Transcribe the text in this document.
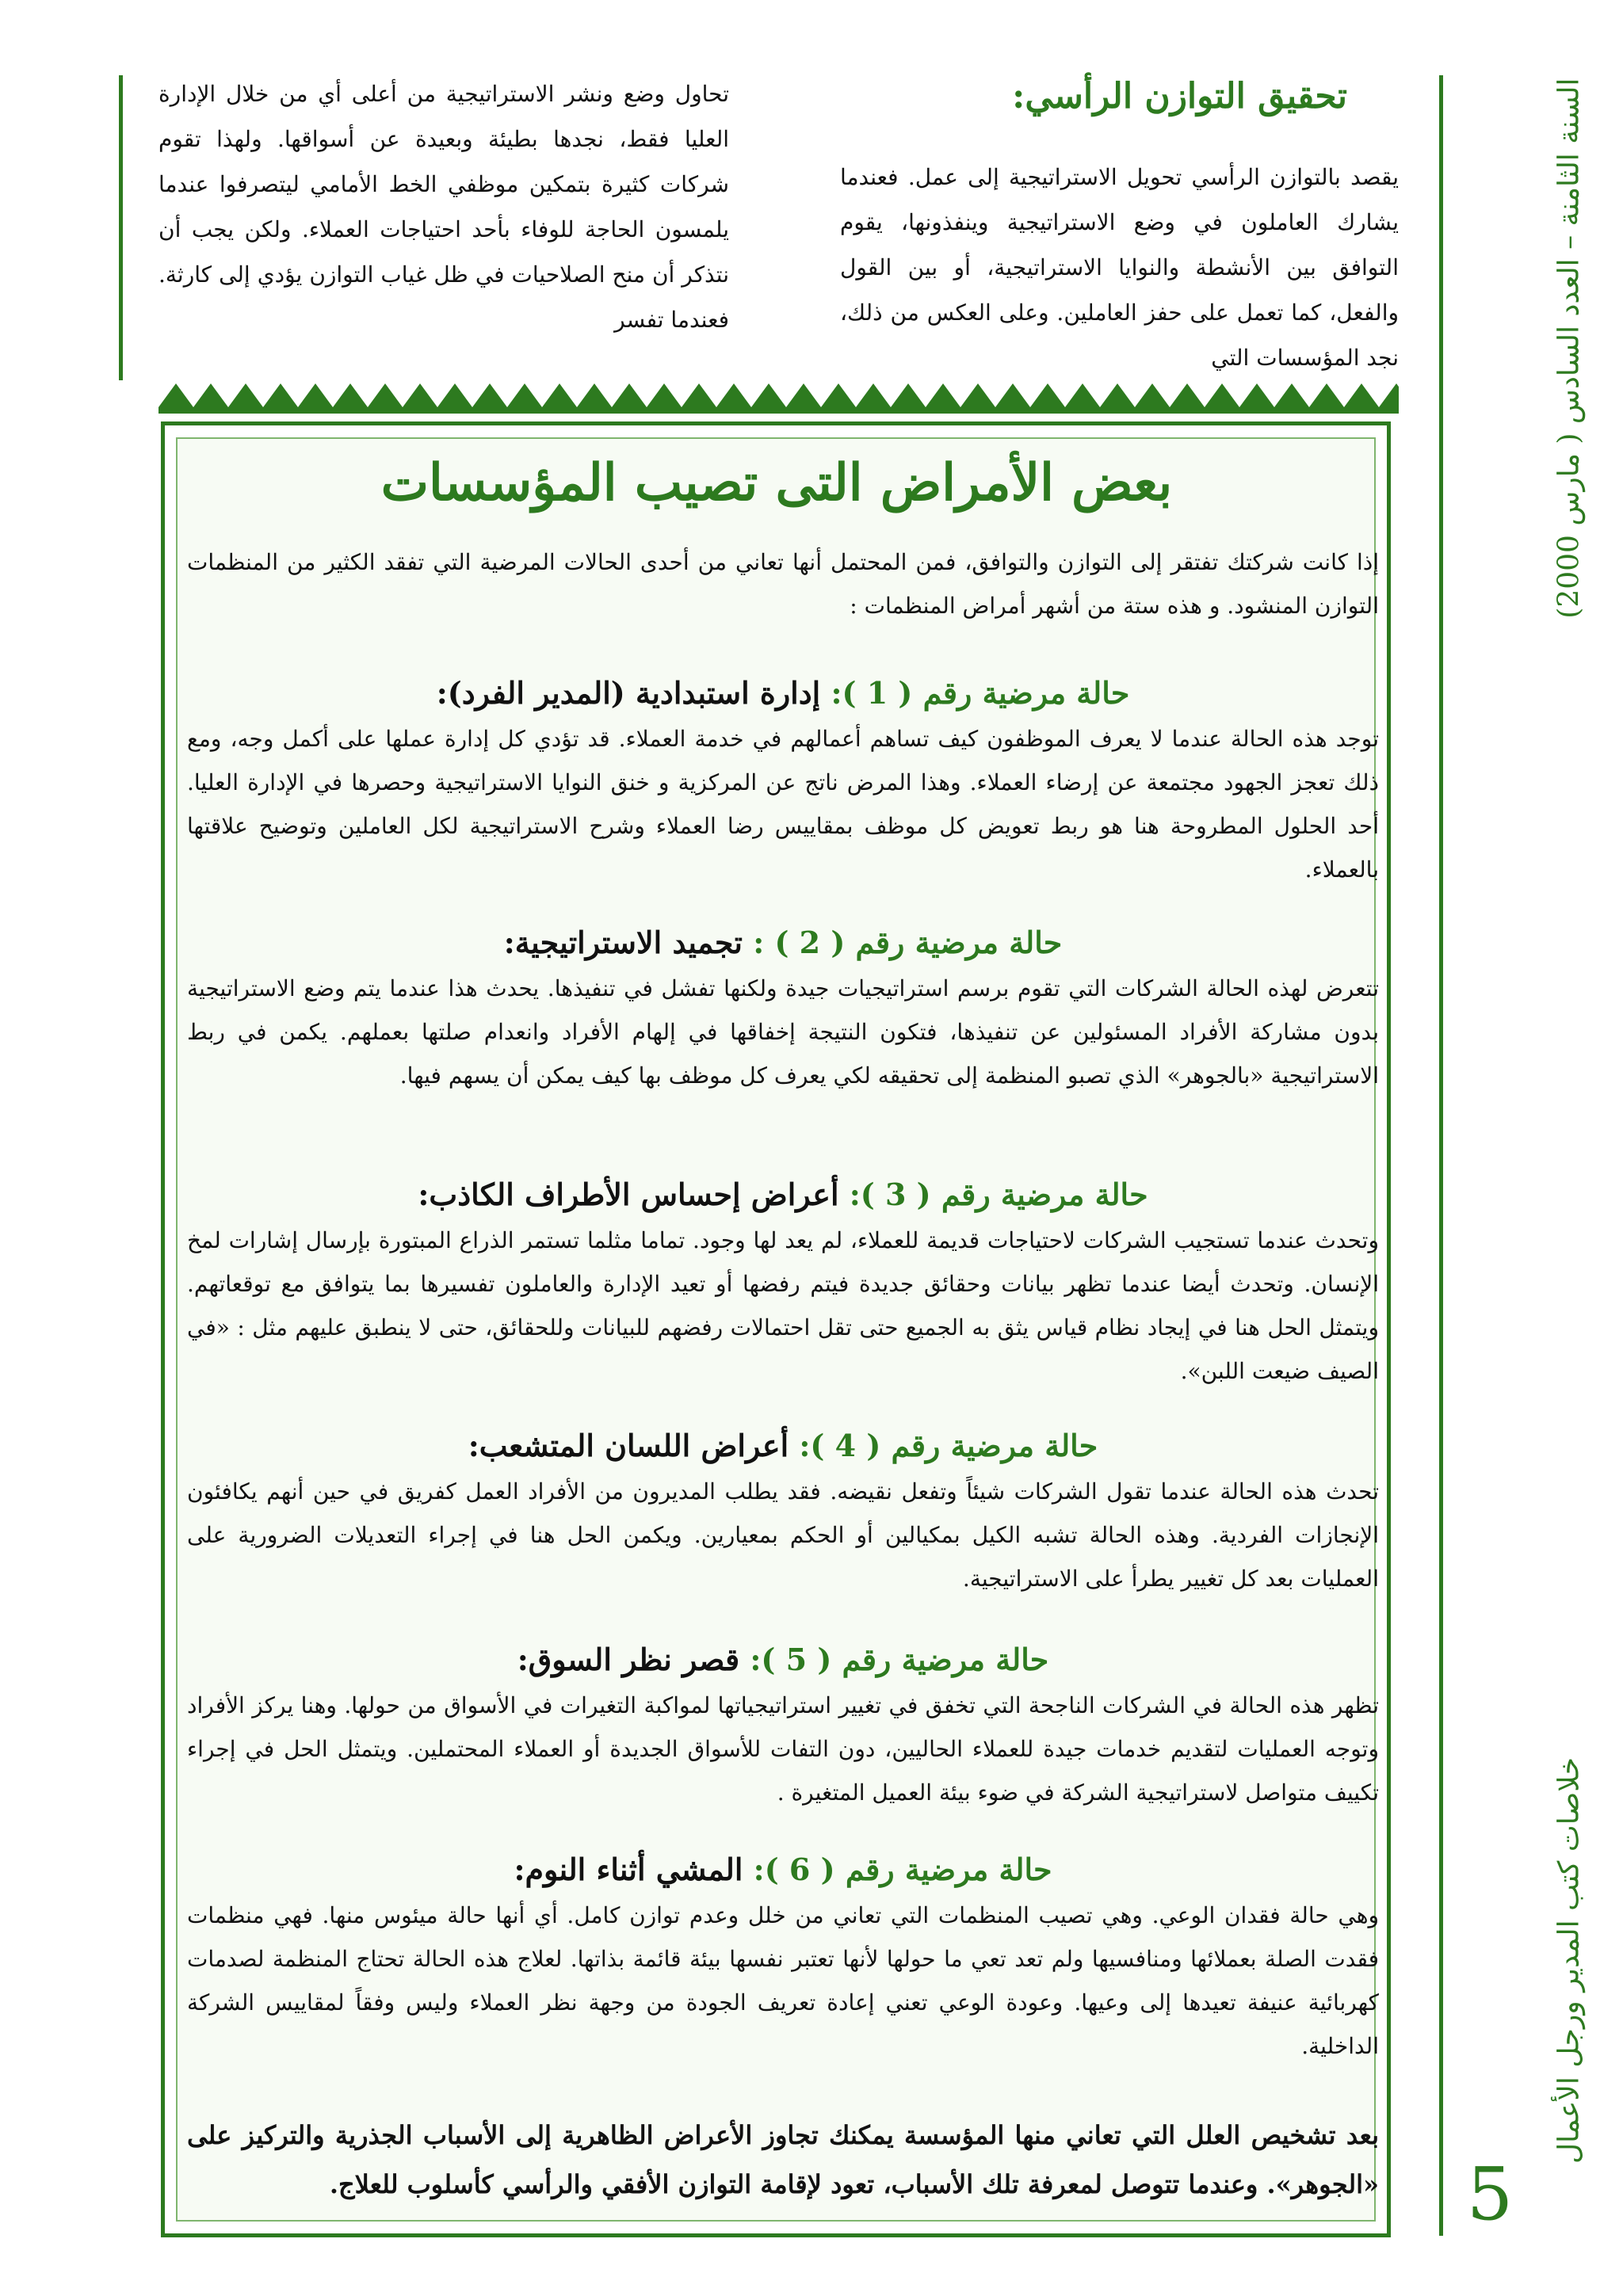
السنة الثامنة – العدد السادس ( مارس 2000)
خلاصات كتب المدير ورجل الأعمال
5
تحقيق التوازن الرأسي:
يقصد بالتوازن الرأسي تحويل الاستراتيجية إلى عمل. فعندما يشارك العاملون في وضع الاستراتيجية وينفذونها، يقوم التوافق بين الأنشطة والنوايا الاستراتيجية، أو بين القول والفعل، كما تعمل على حفز العاملين. وعلى العكس من ذلك، نجد المؤسسات التي
تحاول وضع ونشر الاستراتيجية من أعلى أي من خلال الإدارة العليا فقط، نجدها بطيئة وبعيدة عن أسواقها. ولهذا تقوم شركات كثيرة بتمكين موظفي الخط الأمامي ليتصرفوا عندما يلمسون الحاجة للوفاء بأحد احتياجات العملاء. ولكن يجب أن نتذكر أن منح الصلاحيات في ظل غياب التوازن يؤدي إلى كارثة. فعندما تفسر
بعض الأمراض التى تصيب المؤسسات

إذا كانت شركتك تفتقر إلى التوازن والتوافق، فمن المحتمل أنها تعاني من أحدى الحالات المرضية التي تفقد الكثير من المنظمات التوازن المنشود. و هذه ستة من أشهر أمراض المنظمات :

حالة مرضية رقم ( 1 ): إدارة استبدادية (المدير الفرد):

توجد هذه الحالة عندما لا يعرف الموظفون كيف تساهم أعمالهم في خدمة العملاء. قد تؤدي كل إدارة عملها على أكمل وجه، ومع ذلك تعجز الجهود مجتمعة عن إرضاء العملاء. وهذا المرض ناتج عن المركزية و خنق النوايا الاستراتيجية وحصرها في الإدارة العليا. أحد الحلول المطروحة هنا هو ربط تعويض كل موظف بمقاييس رضا العملاء وشرح الاستراتيجية لكل العاملين وتوضيح علاقتها بالعملاء.

حالة مرضية رقم ( 2 ) : تجميد الاستراتيجية:

تتعرض لهذه الحالة الشركات التي تقوم برسم استراتيجيات جيدة ولكنها تفشل في تنفيذها. يحدث هذا عندما يتم وضع الاستراتيجية بدون مشاركة الأفراد المسئولين عن تنفيذها، فتكون النتيجة إخفاقها في إلهام الأفراد وانعدام صلتها بعملهم. يكمن في ربط الاستراتيجية «بالجوهر» الذي تصبو المنظمة إلى تحقيقه لكي يعرف كل موظف بها كيف يمكن أن يسهم فيها.

حالة مرضية رقم ( 3 ): أعراض إحساس الأطراف الكاذب:

وتحدث عندما تستجيب الشركات لاحتياجات قديمة للعملاء، لم يعد لها وجود. تماما مثلما تستمر الذراع المبتورة بإرسال إشارات لمخ الإنسان. وتحدث أيضا عندما تظهر بيانات وحقائق جديدة فيتم رفضها أو تعيد الإدارة والعاملون تفسيرها بما يتوافق مع توقعاتهم. ويتمثل الحل هنا في إيجاد نظام قياس يثق به الجميع حتى تقل احتمالات رفضهم للبيانات وللحقائق، حتى لا ينطبق عليهم مثل : «في الصيف ضيعت اللبن».

حالة مرضية رقم ( 4 ): أعراض اللسان المتشعب:

تحدث هذه الحالة عندما تقول الشركات شيئاً وتفعل نقيضه. فقد يطلب المديرون من الأفراد العمل كفريق في حين أنهم يكافئون الإنجازات الفردية. وهذه الحالة تشبه الكيل بمكيالين أو الحكم بمعيارين. ويكمن الحل هنا في إجراء التعديلات الضرورية على العمليات بعد كل تغيير يطرأ على الاستراتيجية.

حالة مرضية رقم ( 5 ): قصر نظر السوق:

تظهر هذه الحالة في الشركات الناجحة التي تخفق في تغيير استراتيجياتها لمواكبة التغيرات في الأسواق من حولها. وهنا يركز الأفراد وتوجه العمليات لتقديم خدمات جيدة للعملاء الحاليين، دون التفات للأسواق الجديدة أو العملاء المحتملين. ويتمثل الحل في إجراء تكييف متواصل لاستراتيجية الشركة في ضوء بيئة العميل المتغيرة .

حالة مرضية رقم ( 6 ): المشي أثناء النوم:

وهي حالة فقدان الوعي. وهي تصيب المنظمات التي تعاني من خلل وعدم توازن كامل. أي أنها حالة ميئوس منها. فهي منظمات فقدت الصلة بعملائها ومنافسيها ولم تعد تعي ما حولها لأنها تعتبر نفسها بيئة قائمة بذاتها. لعلاج هذه الحالة تحتاج المنظمة لصدمات كهربائية عنيفة تعيدها إلى وعيها. وعودة الوعي تعني إعادة تعريف الجودة من وجهة نظر العملاء وليس وفقاً لمقاييس الشركة الداخلية.

بعد تشخيص العلل التي تعاني منها المؤسسة يمكنك تجاوز الأعراض الظاهرية إلى الأسباب الجذرية والتركيز على «الجوهر». وعندما تتوصل لمعرفة تلك الأسباب، تعود لإقامة التوازن الأفقي والرأسي كأسلوب للعلاج.
